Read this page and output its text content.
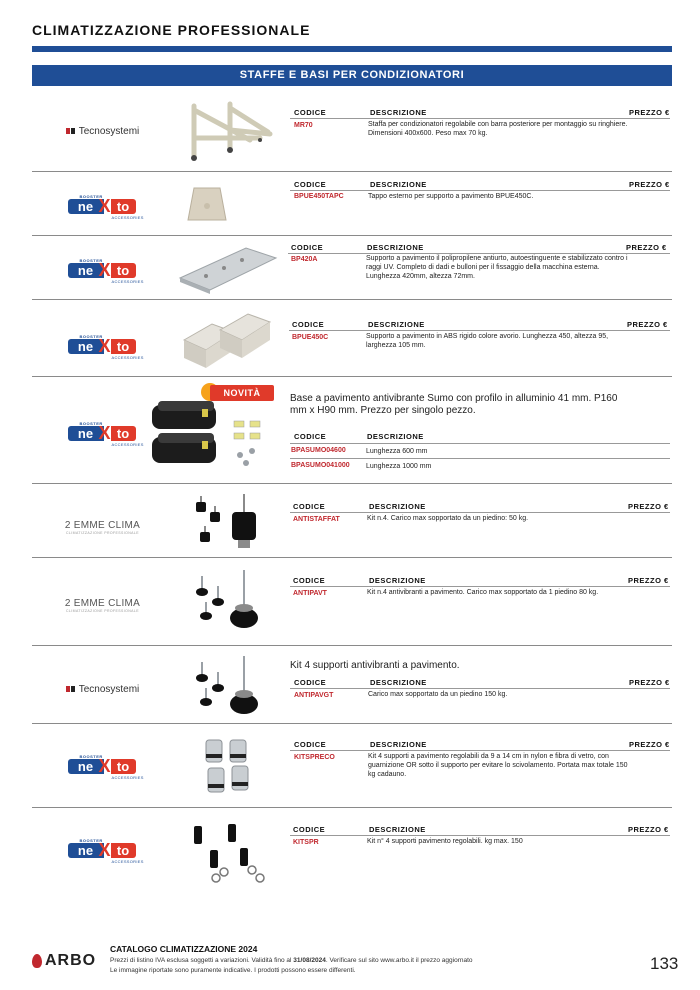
CLIMATIZZAZIONE PROFESSIONALE
STAFFE E BASI PER CONDIZIONATORI
Tecnosystemi
CODICE	DESCRIZIONE	PREZZO €
MR70	Staffa per condizionatori regolabile con barra posteriore per montaggio su ringhiere. Dimensioni 400x600. Peso max 70 kg.
BOOSTER
ne X to
ACCESSORIES
CODICE	DESCRIZIONE	PREZZO €
BPUE450TAPC	Tappo esterno per supporto a pavimento BPUE450C.
BOOSTER
ne X to
ACCESSORIES
CODICE	DESCRIZIONE	PREZZO €
BP420A	Supporto a pavimento il polipropilene antiurto, autoestinguente e stabilizzato contro i raggi UV. Completo di dadi e bulloni per il fissaggio della macchina esterna. Lunghezza 420mm, altezza 72mm.
BOOSTER
ne X to
ACCESSORIES
CODICE	DESCRIZIONE	PREZZO €
BPUE450C	Supporto a pavimento in ABS rigido colore avorio. Lunghezza 450, altezza 95, larghezza 105 mm.
BOOSTER
ne X to
ACCESSORIES
NOVITÀ	Base a pavimento antivibrante Sumo con profilo in alluminio 41 mm. P160 mm x H90 mm. Prezzo per singolo pezzo.
CODICE	DESCRIZIONE
BPASUMO04600	Lunghezza 600 mm
BPASUMO041000 Lunghezza 1000 mm
2 EMME CLIMA
CLIMATIZZAZIONE PROFESSIONALE
CODICE	DESCRIZIONE	PREZZO €
ANTISTAFFAT	Kit n.4. Carico max sopportato da un piedino: 50 kg.
2 EMME CLIMA
CLIMATIZZAZIONE PROFESSIONALE
CODICE	DESCRIZIONE	PREZZO €
ANTIPAVT	Kit n.4 antivibranti a pavimento. Carico max sopportato da 1 piedino 80 kg.
Tecnosystemi
Kit 4 supporti antivibranti a pavimento.
CODICE	DESCRIZIONE	PREZZO €
ANTIPAVGT	Carico max sopportato da un piedino 150 kg.
BOOSTER
ne X to
ACCESSORIES
CODICE	DESCRIZIONE	PREZZO €
KITSPRECO	Kit 4 supporti a pavimento regolabili da 9 a 14 cm in nylon e fibra di vetro, con guarnizione OR sotto il supporto per evitare lo scivolamento. Portata max totale 150 kg cadauno.
BOOSTER
ne X to
ACCESSORIES
CODICE	DESCRIZIONE	PREZZO €
KITSPR	Kit n° 4 supporti pavimento regolabili. kg max. 150
ARBO
CATALOGO CLIMATIZZAZIONE 2024
Prezzi di listino IVA esclusa soggetti a variazioni. Validità fino al 31/08/2024. Verificare sul sito www.arbo.it il prezzo aggiornato
Le immagine riportate sono puramente indicative. I prodotti possono essere differenti.	133
